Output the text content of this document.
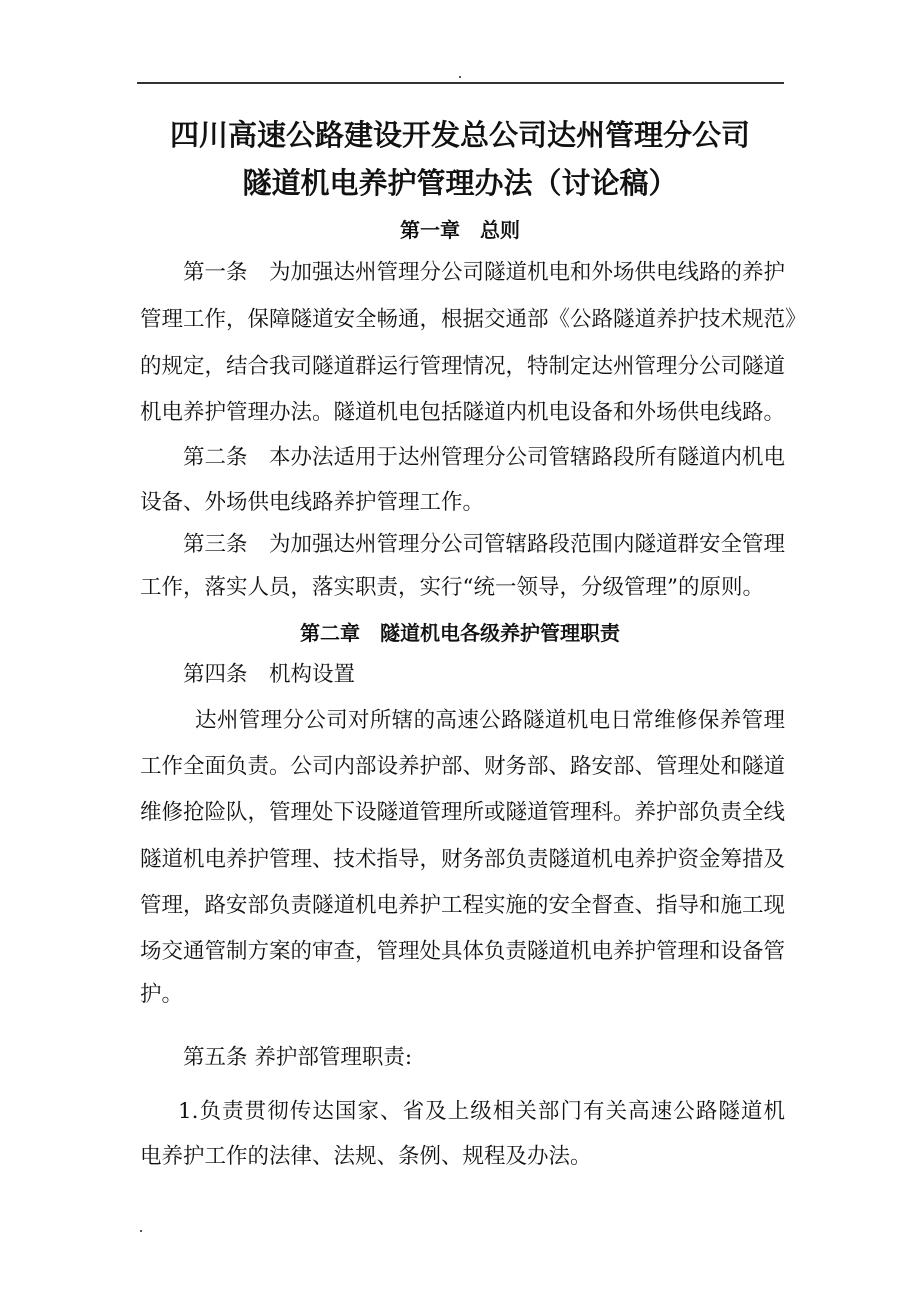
四川高速公路建设开发总公司达州管理分公司
隧道机电养护管理办法（讨论稿）
第一章　总则
第一条　为加强达州管理分公司隧道机电和外场供电线路的养护
管理工作，保障隧道安全畅通，根据交通部《公路隧道养护技术规范》
的规定，结合我司隧道群运行管理情况，特制定达州管理分公司隧道
机电养护管理办法。隧道机电包括隧道内机电设备和外场供电线路。
第二条　本办法适用于达州管理分公司管辖路段所有隧道内机电
设备、外场供电线路养护管理工作。
第三条　为加强达州管理分公司管辖路段范围内隧道群安全管理
工作，落实人员，落实职责，实行“统一领导，分级管理”的原则。
第二章　隧道机电各级养护管理职责
第四条　机构设置
达州管理分公司对所辖的高速公路隧道机电日常维修保养管理
工作全面负责。公司内部设养护部、财务部、路安部、管理处和隧道
维修抢险队，管理处下设隧道管理所或隧道管理科。养护部负责全线
隧道机电养护管理、技术指导，财务部负责隧道机电养护资金筹措及
管理，路安部负责隧道机电养护工程实施的安全督查、指导和施工现
场交通管制方案的审查，管理处具体负责隧道机电养护管理和设备管
护。
第五条 养护部管理职责:
1.负责贯彻传达国家、省及上级相关部门有关高速公路隧道机
电养护工作的法律、法规、条例、规程及办法。
